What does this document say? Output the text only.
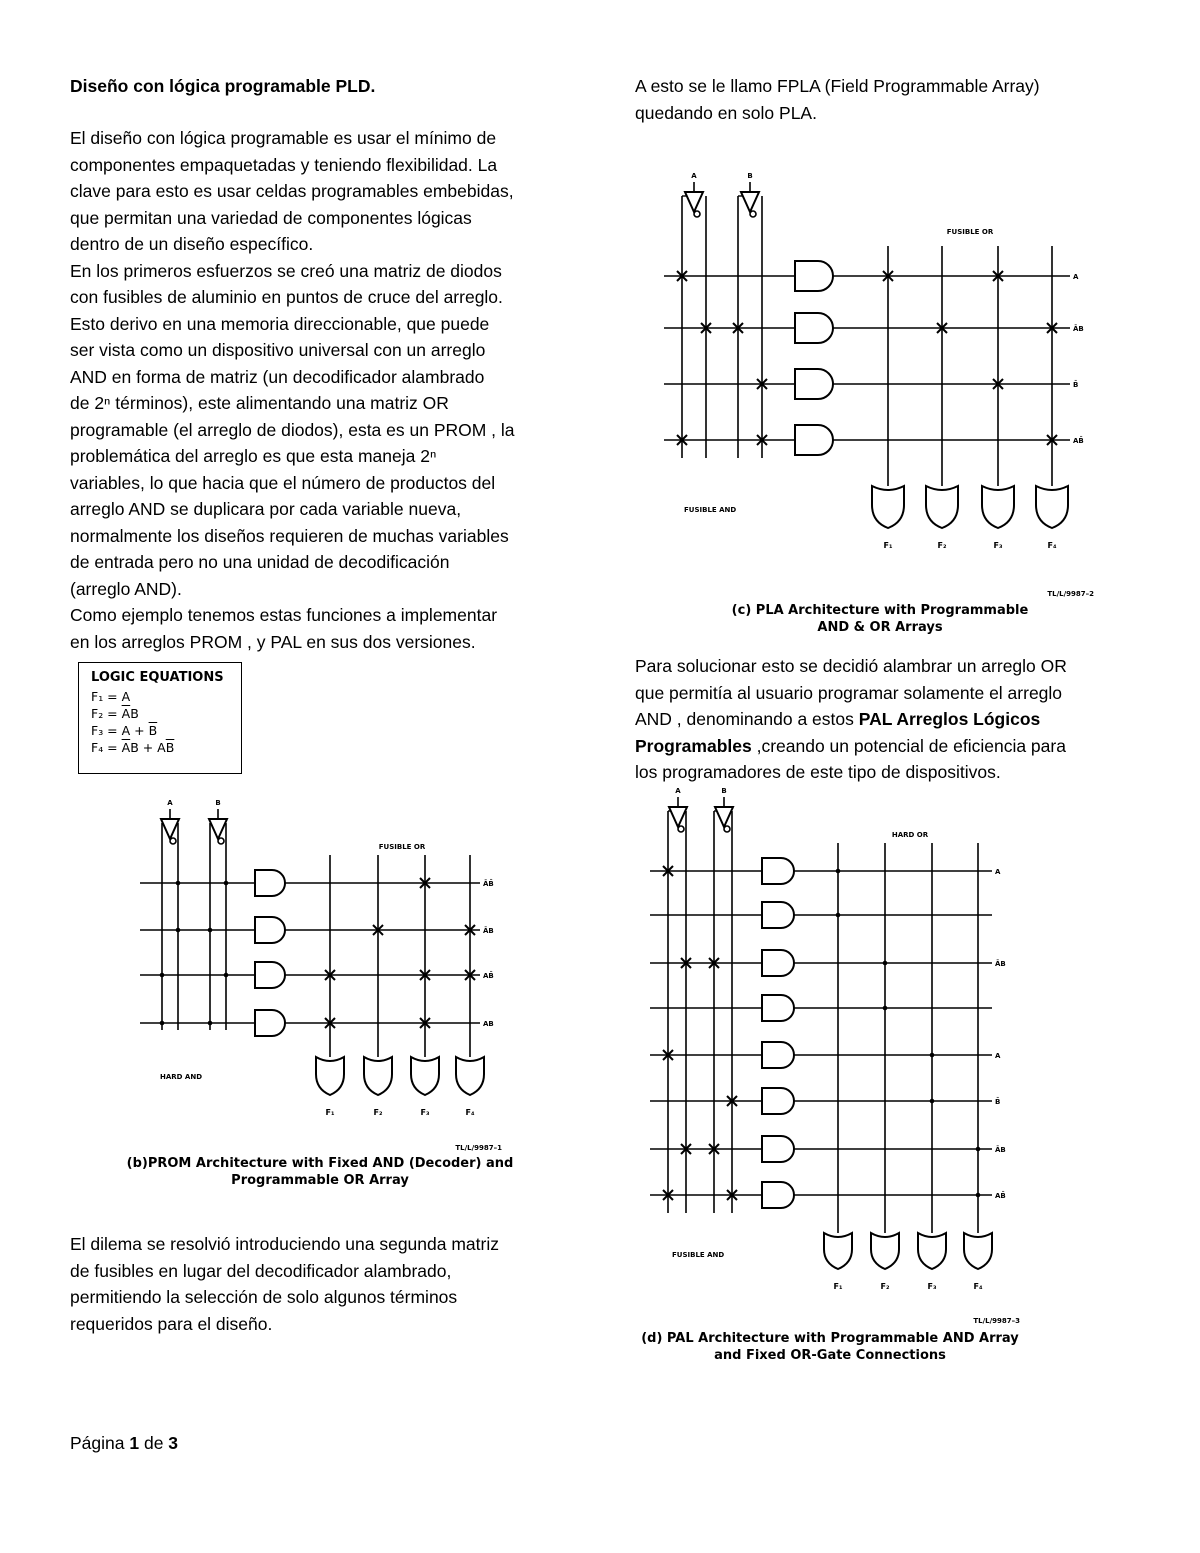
Diseño con lógica programable PLD.
El diseño con lógica programable es usar el mínimo de
componentes empaquetadas y teniendo flexibilidad. La
clave para esto es usar celdas programables embebidas,
que permitan una variedad de componentes lógicas
dentro de un diseño específico.
En los primeros esfuerzos se creó una matriz de diodos
con fusibles de aluminio en puntos de cruce del arreglo.
Esto derivo en una memoria direccionable, que puede
ser vista como un dispositivo universal con un arreglo
AND en forma de matriz (un decodificador alambrado
de 2ⁿ términos), este alimentando una matriz OR
programable (el arreglo de diodos), esta es un PROM , la
problemática del arreglo es que esta maneja 2ⁿ
variables, lo que hacia que el número de productos del
arreglo AND se duplicara por cada variable nueva,
normalmente los diseños requieren de muchas variables
de entrada pero no una unidad de decodificación
(arreglo AND).
Como ejemplo tenemos estas funciones a implementar
en los arreglos PROM , y PAL en sus dos versiones.
LOGIC EQUATIONS
F₁ = A
$F_2 = \overline{A}B$
$F_3 = A + \overline{B}$
$F_4 = \overline{A}B + A\overline{B}$
A	B
ĀB̄
ĀB
AB̄
AB
F₁	F₂	F₃	F₄
FUSIBLE OR
HARD AND
TL/L/9987–1
(b)PROM Architecture with Fixed AND (Decoder) and
Programmable OR Array
El dilema se resolvió introduciendo una segunda matriz
de fusibles en lugar del decodificador alambrado,
permitiendo la selección de solo algunos términos
requeridos para el diseño.
A esto se le llamo FPLA (Field Programmable Array)
quedando en solo PLA.
A	B
A
ĀB
B̄
AB̄
F₁	F₂	F₃	F₄
FUSIBLE OR
FUSIBLE AND
TL/L/9987–2
(c) PLA Architecture with Programmable
AND & OR Arrays
Para solucionar esto se decidió alambrar un arreglo OR
que permitía al usuario programar solamente el arreglo
AND , denominando a estos PAL Arreglos Lógicos
Programables ,creando un potencial de eficiencia para
los programadores de este tipo de dispositivos.
A	B
A
ĀB
A
B̄
ĀB
AB̄
F₁	F₂	F₃	F₄
HARD OR
FUSIBLE AND
TL/L/9987–3
(d) PAL Architecture with Programmable AND Array
and Fixed OR-Gate Connections
Página 1 de 3
